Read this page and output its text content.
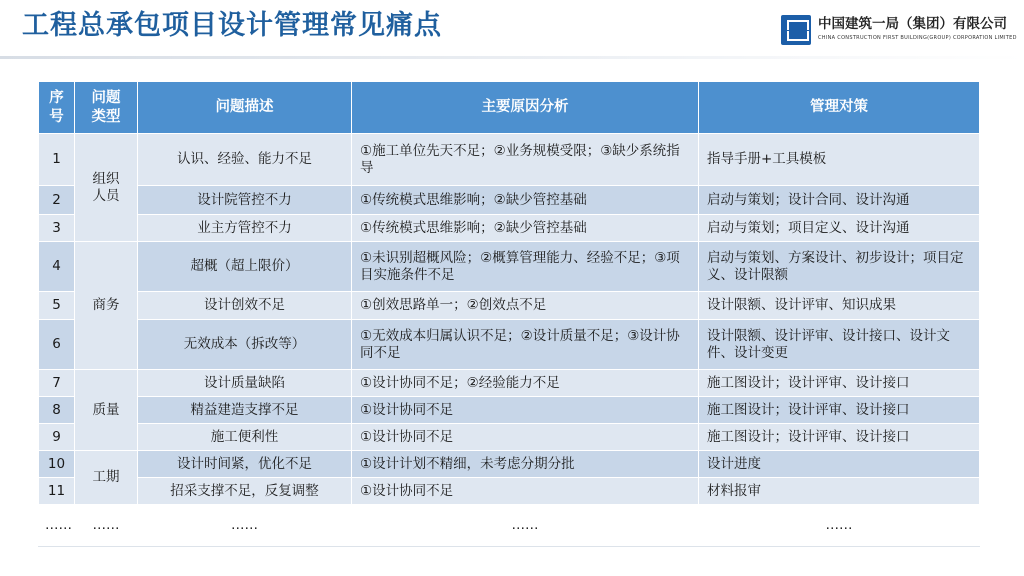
工程总承包项目设计管理常见痛点	中国建筑一局（集团）有限公司
CHINA CONSTRUCTION FIRST BUILDING(GROUP) CORPORATION LIMITED
序号	问题类型	问题描述	主要原因分析	管理对策
1	组织人员	认识、经验、能力不足	①施工单位先天不足；②业务规模受限；③缺少系统指导	指导手册+工具模板
2		设计院管控不力	①传统模式思维影响；②缺少管控基础	启动与策划；设计合同、设计沟通
3		业主方管控不力	①传统模式思维影响；②缺少管控基础	启动与策划；项目定义、设计沟通
4	商务	超概（超上限价）	①未识别超概风险；②概算管理能力、经验不足；③项目实施条件不足	启动与策划、方案设计、初步设计；项目定义、设计限额
5		设计创效不足	①创效思路单一；②创效点不足	设计限额、设计评审、知识成果
6		无效成本（拆改等）	①无效成本归属认识不足；②设计质量不足；③设计协同不足	设计限额、设计评审、设计接口、设计文件、设计变更
7	质量	设计质量缺陷	①设计协同不足；②经验能力不足	施工图设计；设计评审、设计接口
8		精益建造支撑不足	①设计协同不足	施工图设计；设计评审、设计接口
9		施工便利性	①设计协同不足	施工图设计；设计评审、设计接口
10	工期	设计时间紧，优化不足	①设计计划不精细，未考虑分期分批	设计进度
11		招采支撑不足，反复调整	①设计协同不足	材料报审
……	……	……	……	……
